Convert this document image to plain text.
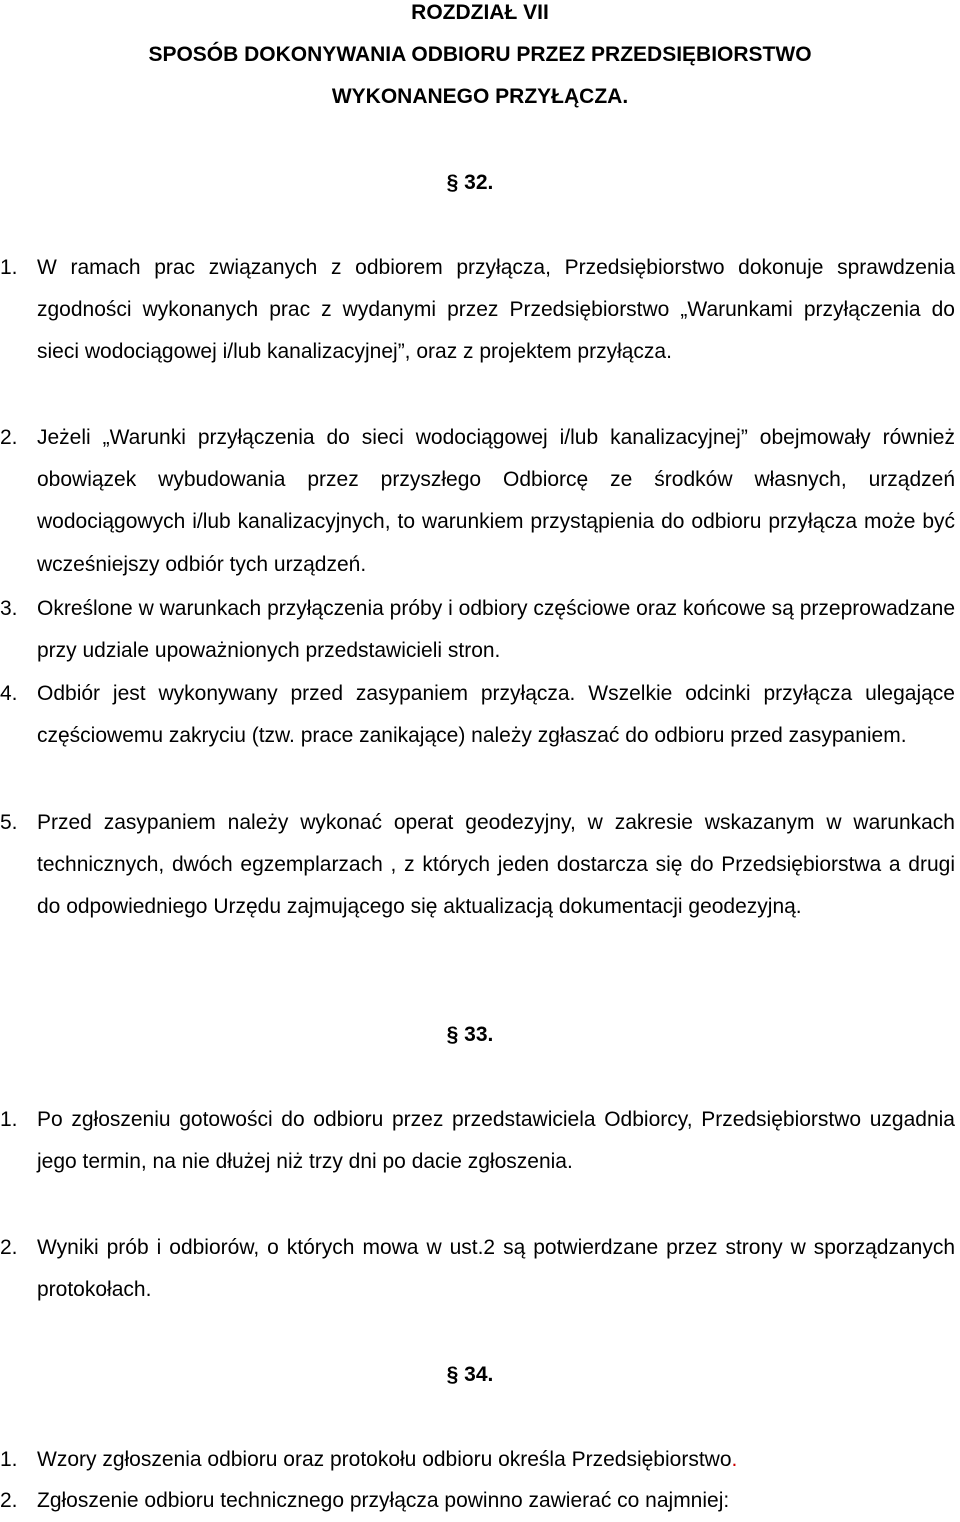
ROZDZIAŁ VII
SPOSÓB DOKONYWANIA ODBIORU PRZEZ PRZEDSIĘBIORSTWO
WYKONANEGO PRZYŁĄCZA.
§ 32.
1. W ramach prac związanych z odbiorem przyłącza, Przedsiębiorstwo dokonuje sprawdzenia zgodności wykonanych prac z wydanymi przez Przedsiębiorstwo „Warunkami przyłączenia do sieci wodociągowej i/lub kanalizacyjnej”, oraz z projektem przyłącza.
2. Jeżeli „Warunki przyłączenia do sieci wodociągowej i/lub kanalizacyjnej” obejmowały również obowiązek wybudowania przez przyszłego Odbiorcę ze środków własnych, urządzeń wodociągowych i/lub kanalizacyjnych, to warunkiem przystąpienia do odbioru przyłącza może być wcześniejszy odbiór tych urządzeń.
3. Określone w warunkach przyłączenia próby i odbiory częściowe oraz końcowe są przeprowadzane przy udziale upoważnionych przedstawicieli stron.
4. Odbiór jest wykonywany przed zasypaniem przyłącza. Wszelkie odcinki przyłącza ulegające częściowemu zakryciu (tzw. prace zanikające) należy zgłaszać do odbioru przed zasypaniem.
5. Przed zasypaniem należy wykonać operat geodezyjny, w zakresie wskazanym w warunkach technicznych, dwóch egzemplarzach , z których jeden dostarcza się do Przedsiębiorstwa a drugi do odpowiedniego Urzędu zajmującego się aktualizacją dokumentacji geodezyjną.
§ 33.
1. Po zgłoszeniu gotowości do odbioru przez przedstawiciela Odbiorcy, Przedsiębiorstwo uzgadnia jego termin, na nie dłużej niż trzy dni po dacie zgłoszenia.
2. Wyniki prób i odbiorów, o których mowa w ust.2 są potwierdzane przez strony w sporządzanych protokołach.
§ 34.
1. Wzory zgłoszenia odbioru oraz protokołu odbioru określa Przedsiębiorstwo.
2. Zgłoszenie odbioru technicznego przyłącza powinno zawierać co najmniej:
